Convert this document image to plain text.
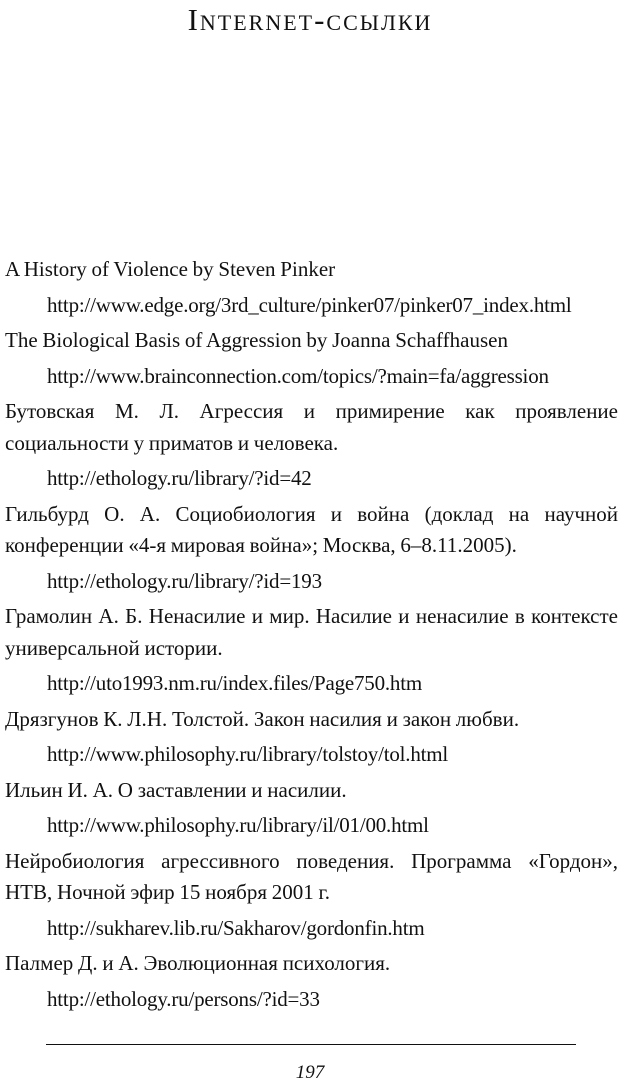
Internet-ссылки
A History of Violence by Steven Pinker
http://www.edge.org/3rd_culture/pinker07/pinker07_index.html
The Biological Basis of Aggression by Joanna Schaffhausen
http://www.brainconnection.com/topics/?main=fa/aggression
Бутовская М. Л. Агрессия и примирение как проявление социальности у приматов и человека.
http://ethology.ru/library/?id=42
Гильбурд О. А. Социобиология и война (доклад на научной конференции «4-я мировая война»; Москва, 6–8.11.2005).
http://ethology.ru/library/?id=193
Грамолин А. Б. Ненасилие и мир. Насилие и ненасилие в контексте универсальной истории.
http://uto1993.nm.ru/index.files/Page750.htm
Дрязгунов К. Л.Н. Толстой. Закон насилия и закон любви.
http://www.philosophy.ru/library/tolstoy/tol.html
Ильин И. А. О заставлении и насилии.
http://www.philosophy.ru/library/il/01/00.html
Нейробиология агрессивного поведения. Программа «Гордон», НТВ, Ночной эфир 15 ноября 2001 г.
http://sukharev.lib.ru/Sakharov/gordonfin.htm
Палмер Д. и А. Эволюционная психология.
http://ethology.ru/persons/?id=33
197
